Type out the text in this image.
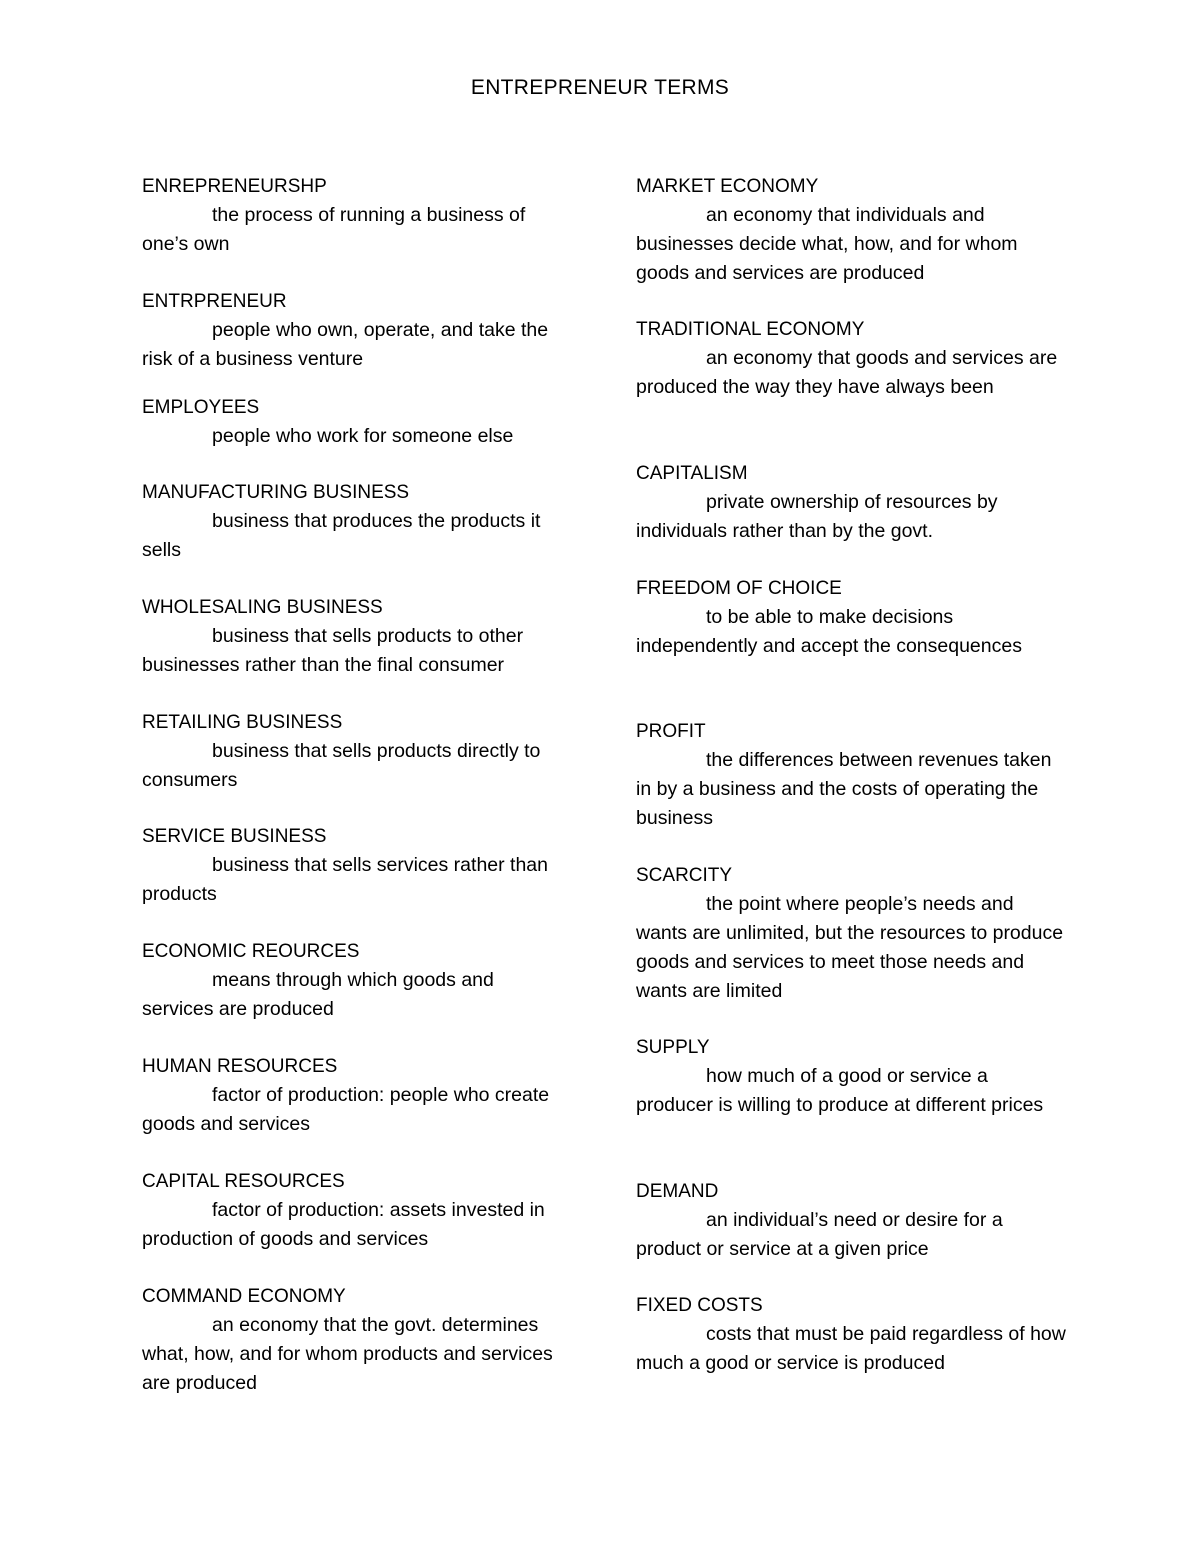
ENTREPRENEUR TERMS

ENREPRENEURSHP

the process of running a business of one’s own

ENTRPRENEUR

people who own, operate, and take the risk of a business venture

EMPLOYEES

people who work for someone else

MANUFACTURING BUSINESS

business that produces the products it sells

WHOLESALING BUSINESS

business that sells products to other businesses rather than the final consumer

RETAILING BUSINESS

business that sells products directly to consumers

SERVICE BUSINESS

business that sells services rather than products

ECONOMIC REOURCES

means through which goods and services are produced

HUMAN RESOURCES

factor of production: people who create goods and services

CAPITAL RESOURCES

factor of production: assets invested in production of goods and services

COMMAND ECONOMY

an economy that the govt. determines what, how, and for whom products and services are produced

MARKET ECONOMY

an economy that individuals and businesses decide what, how, and for whom goods and services are produced

TRADITIONAL ECONOMY

an economy that goods and services are produced the way they have always been

CAPITALISM

private ownership of resources by individuals rather than by the govt.

FREEDOM OF CHOICE

to be able to make decisions independently and accept the consequences

PROFIT

the differences between revenues taken in by a business and the costs of operating the business

SCARCITY

the point where people’s needs and wants are unlimited, but the resources to produce goods and services to meet those needs and wants are limited

SUPPLY

how much of a good or service a producer is willing to produce at different prices

DEMAND

an individual’s need or desire for a product or service at a given price

FIXED COSTS

costs that must be paid regardless of how much a good or service is produced
